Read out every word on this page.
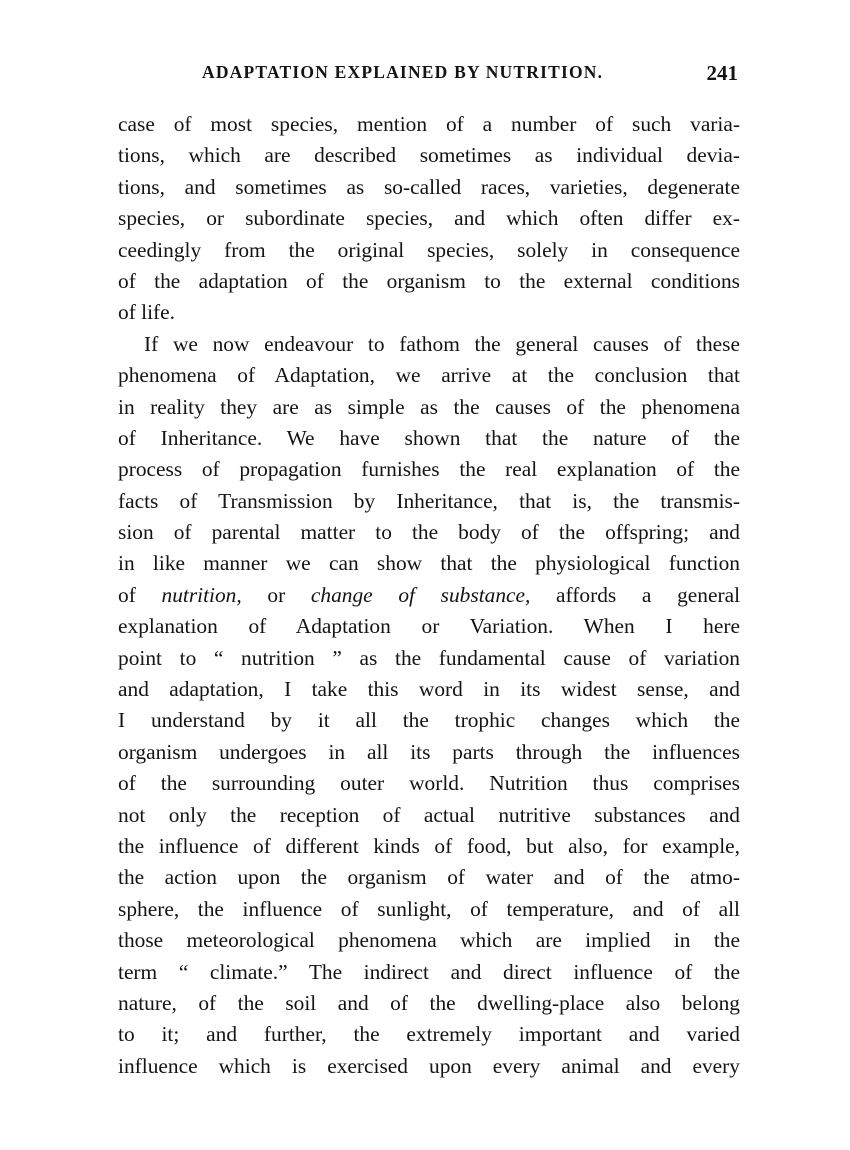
ADAPTATION EXPLAINED BY NUTRITION.	241
case of most species, mention of a number of such varia-
tions, which are described sometimes as individual devia-
tions, and sometimes as so-called races, varieties, degenerate
species, or subordinate species, and which often differ ex-
ceedingly from the original species, solely in consequence
of the adaptation of the organism to the external conditions
of life.
If we now endeavour to fathom the general causes of these
phenomena of Adaptation, we arrive at the conclusion that
in reality they are as simple as the causes of the phenomena
of Inheritance. We have shown that the nature of the
process of propagation furnishes the real explanation of the
facts of Transmission by Inheritance, that is, the transmis-
sion of parental matter to the body of the offspring; and
in like manner we can show that the physiological function
of nutrition, or change of substance, affords a general
explanation of Adaptation or Variation. When I here
point to “ nutrition ” as the fundamental cause of variation
and adaptation, I take this word in its widest sense, and
I understand by it all the trophic changes which the
organism undergoes in all its parts through the influences
of the surrounding outer world. Nutrition thus comprises
not only the reception of actual nutritive substances and
the influence of different kinds of food, but also, for example,
the action upon the organism of water and of the atmo-
sphere, the influence of sunlight, of temperature, and of all
those meteorological phenomena which are implied in the
term “ climate.” The indirect and direct influence of the
nature, of the soil and of the dwelling-place also belong
to it; and further, the extremely important and varied
influence which is exercised upon every animal and every
